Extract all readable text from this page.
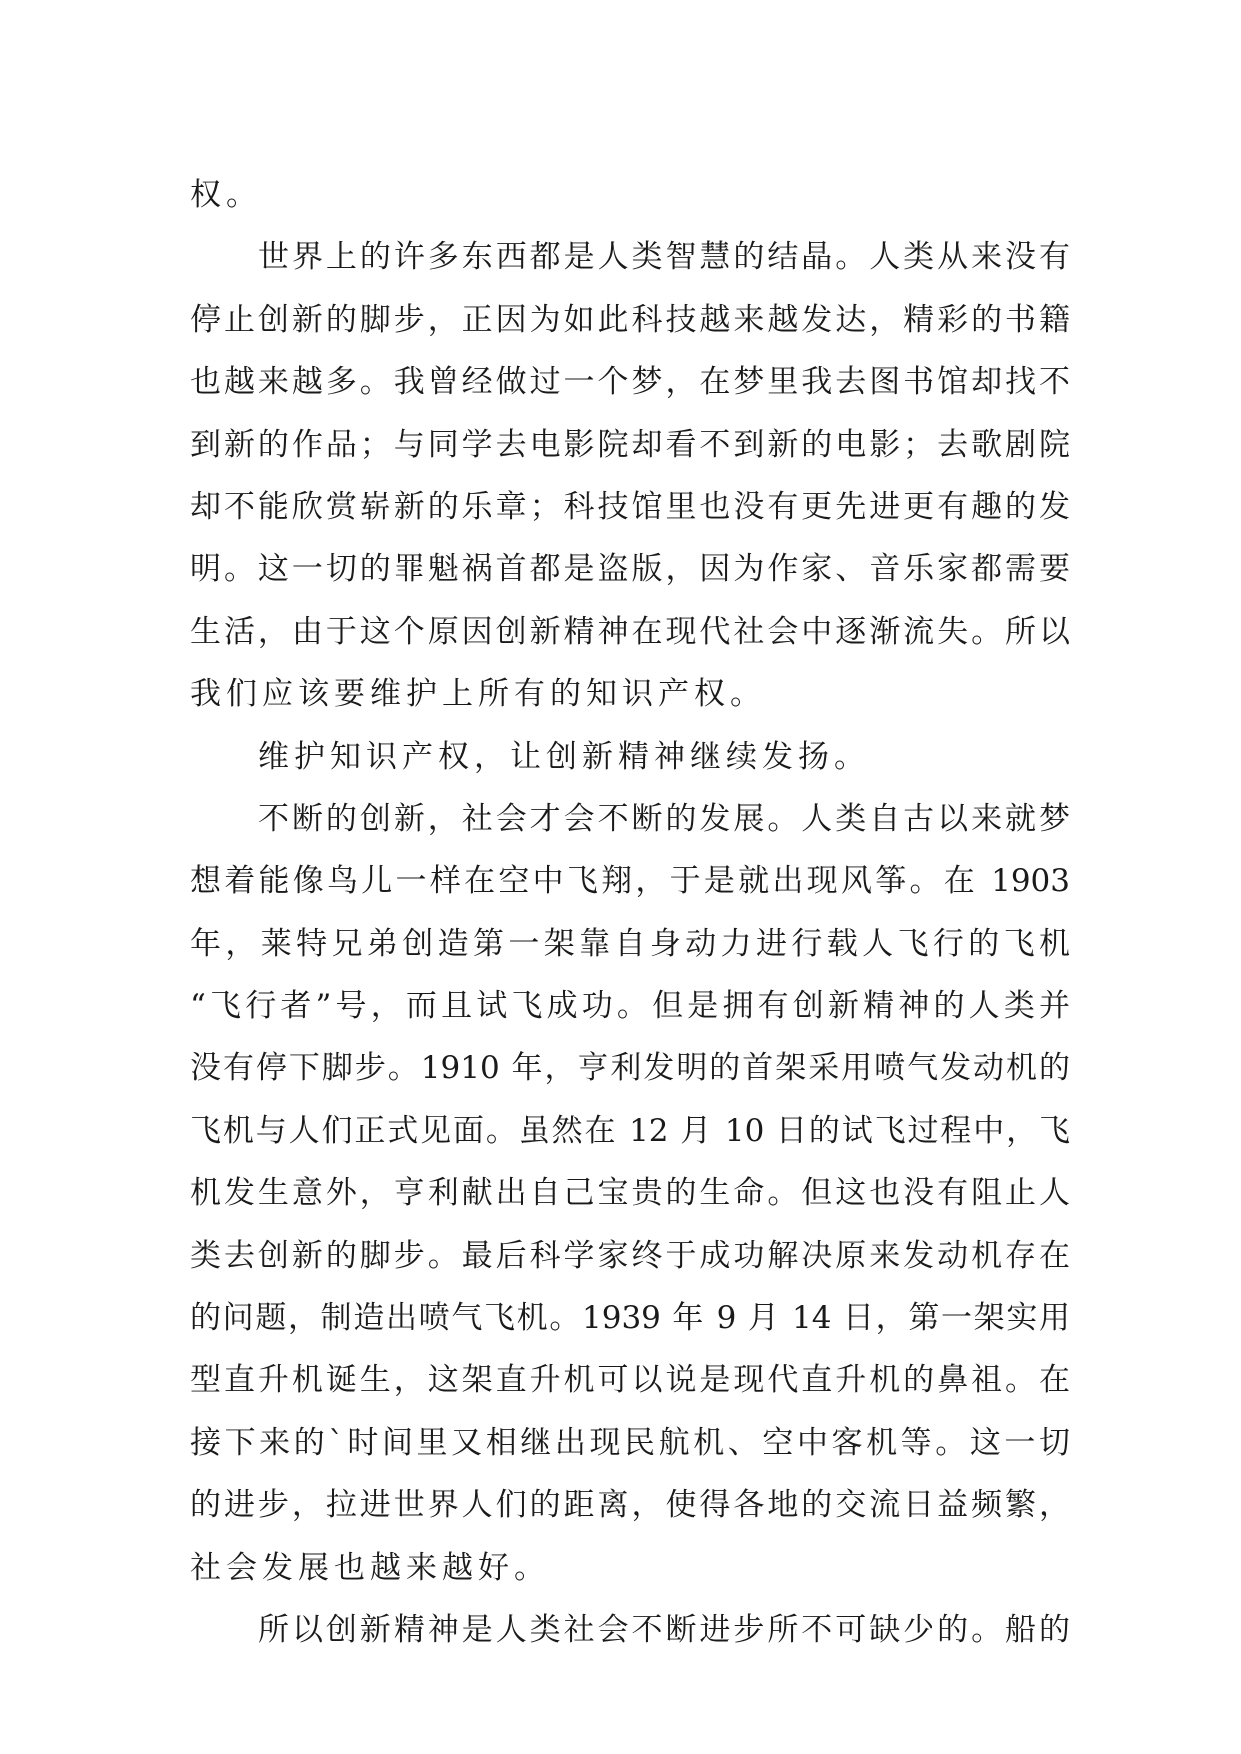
权。
世界上的许多东西都是人类智慧的结晶。人类从来没有
停止创新的脚步，正因为如此科技越来越发达，精彩的书籍
也越来越多。我曾经做过一个梦，在梦里我去图书馆却找不
到新的作品；与同学去电影院却看不到新的电影；去歌剧院
却不能欣赏崭新的乐章；科技馆里也没有更先进更有趣的发
明。这一切的罪魁祸首都是盗版，因为作家、音乐家都需要
生活，由于这个原因创新精神在现代社会中逐渐流失。所以
我们应该要维护上所有的知识产权。
维护知识产权，让创新精神继续发扬。
不断的创新，社会才会不断的发展。人类自古以来就梦
想着能像鸟儿一样在空中飞翔，于是就出现风筝。在 1903
年，莱特兄弟创造第一架靠自身动力进行载人飞行的飞机
“飞行者”号，而且试飞成功。但是拥有创新精神的人类并
没有停下脚步。1910 年，亨利发明的首架采用喷气发动机的
飞机与人们正式见面。虽然在 12 月 10 日的试飞过程中，飞
机发生意外，亨利献出自己宝贵的生命。但这也没有阻止人
类去创新的脚步。最后科学家终于成功解决原来发动机存在
的问题，制造出喷气飞机。1939 年 9 月 14 日，第一架实用
型直升机诞生，这架直升机可以说是现代直升机的鼻祖。在
接下来的`时间里又相继出现民航机、空中客机等。这一切
的进步，拉进世界人们的距离，使得各地的交流日益频繁，
社会发展也越来越好。
所以创新精神是人类社会不断进步所不可缺少的。船的
